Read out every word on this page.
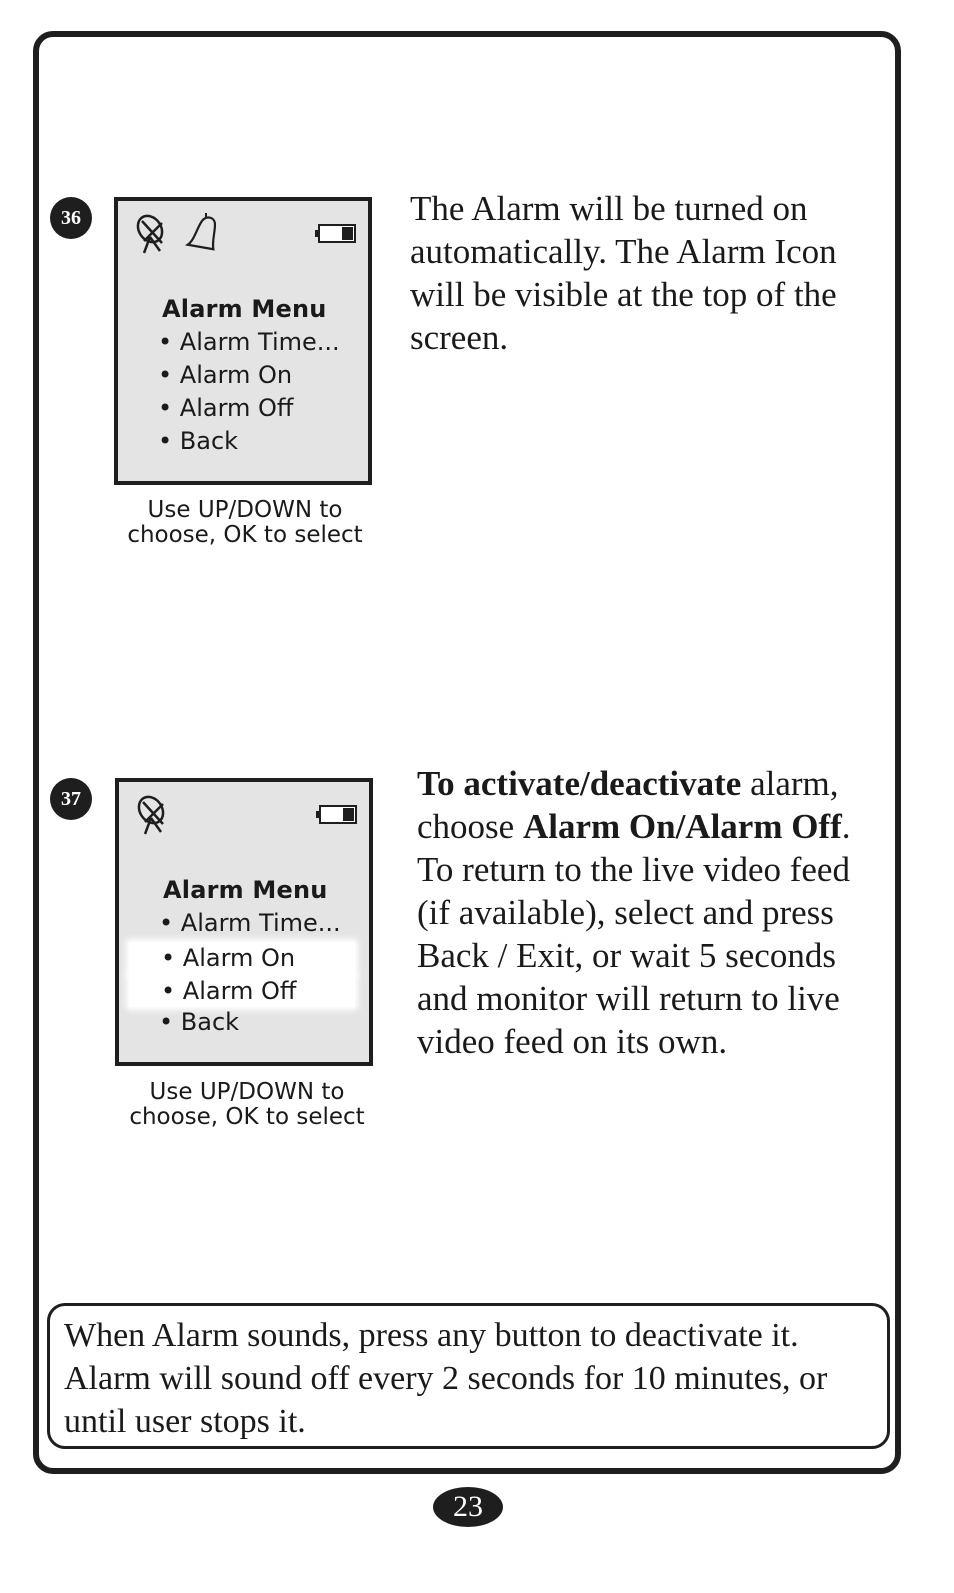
36
Alarm Menu
• Alarm Time...
• Alarm On
• Alarm Off
• Back
Use UP/DOWN to
choose, OK to select
The Alarm will be turned on automatically. The Alarm Icon will be visible at the top of the screen.
37
Alarm Menu
• Alarm Time...
• Alarm On
• Alarm Off
• Back
Use UP/DOWN to
choose, OK to select
To activate/deactivate alarm, choose Alarm On/Alarm Off. To return to the live video feed (if available), select and press Back / Exit, or wait 5 seconds and monitor will return to live video feed on its own.
When Alarm sounds, press any button to deactivate it. Alarm will sound off every 2 seconds for 10 minutes, or until user stops it.
23
